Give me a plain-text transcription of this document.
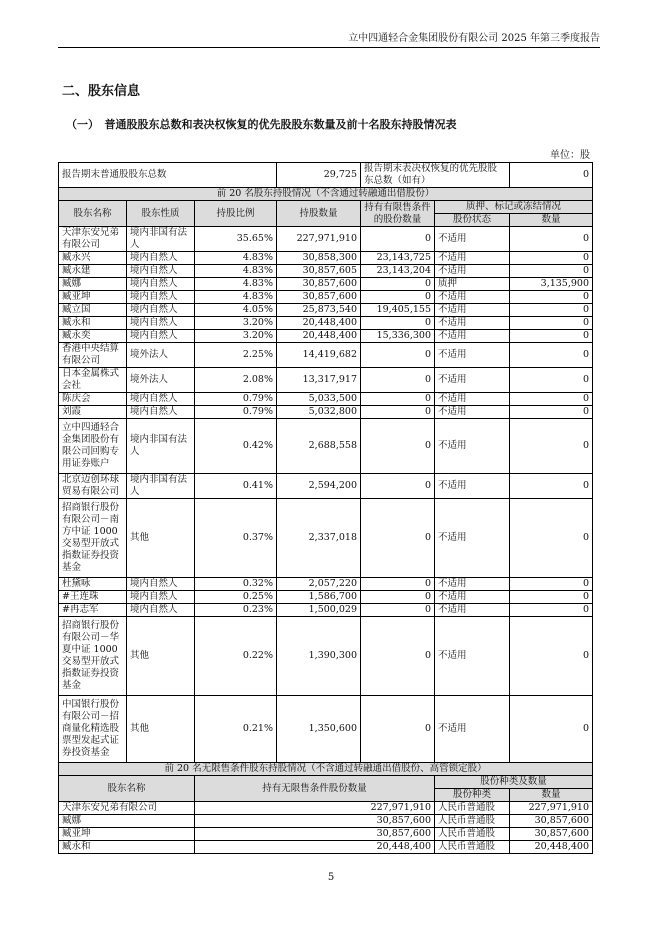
立中四通轻合金集团股份有限公司 2025 年第三季度报告
二、股东信息
（一）　普通股股东总数和表决权恢复的优先股股东数量及前十名股东持股情况表
单位：股
报告期末普通股股东总数			29,725	报告期末表决权恢复的优先股股东总数（如有）		0
前 20 名股东持股情况（不含通过转融通出借股份）						
股东名称	股东性质	持股比例	持股数量	持有有限售条件的股份数量	质押、标记或冻结情况	
					股份状态	数量
天津东安兄弟有限公司	境内非国有法人	35.65%	227,971,910	0	不适用	0
臧永兴	境内自然人	4.83%	30,858,300	23,143,725	不适用	0
臧永建	境内自然人	4.83%	30,857,605	23,143,204	不适用	0
臧娜	境内自然人	4.83%	30,857,600	0	质押	3,135,900
臧亚坤	境内自然人	4.83%	30,857,600	0	不适用	0
臧立国	境内自然人	4.05%	25,873,540	19,405,155	不适用	0
臧永和	境内自然人	3.20%	20,448,400	0	不适用	0
臧永奕	境内自然人	3.20%	20,448,400	15,336,300	不适用	0
香港中央结算有限公司	境外法人	2.25%	14,419,682	0	不适用	0
日本金属株式会社	境外法人	2.08%	13,317,917	0	不适用	0
陈庆会	境内自然人	0.79%	5,033,500	0	不适用	0
刘霞	境内自然人	0.79%	5,032,800	0	不适用	0
立中四通轻合金集团股份有限公司回购专用证券账户	境内非国有法人	0.42%	2,688,558	0	不适用	0
北京迈创环球贸易有限公司	境内非国有法人	0.41%	2,594,200	0	不适用	0
招商银行股份有限公司－南方中证 1000 交易型开放式指数证券投资基金	其他	0.37%	2,337,018	0	不适用	0
杜黛咏	境内自然人	0.32%	2,057,220	0	不适用	0
#王连珠	境内自然人	0.25%	1,586,700	0	不适用	0
#冉志军	境内自然人	0.23%	1,500,029	0	不适用	0
招商银行股份有限公司－华夏中证 1000 交易型开放式指数证券投资基金	其他	0.22%	1,390,300	0	不适用	0
中国银行股份有限公司－招商量化精选股票型发起式证券投资基金	其他	0.21%	1,350,600	0	不适用	0
前 20 名无限售条件股东持股情况（不含通过转融通出借股份、高管锁定股）						
股东名称		持有无限售条件股份数量			股份种类及数量	
					股份种类	数量
天津东安兄弟有限公司		227,971,910			人民币普通股	227,971,910
臧娜		30,857,600			人民币普通股	30,857,600
臧亚坤		30,857,600			人民币普通股	30,857,600
臧永和		20,448,400			人民币普通股	20,448,400
5
